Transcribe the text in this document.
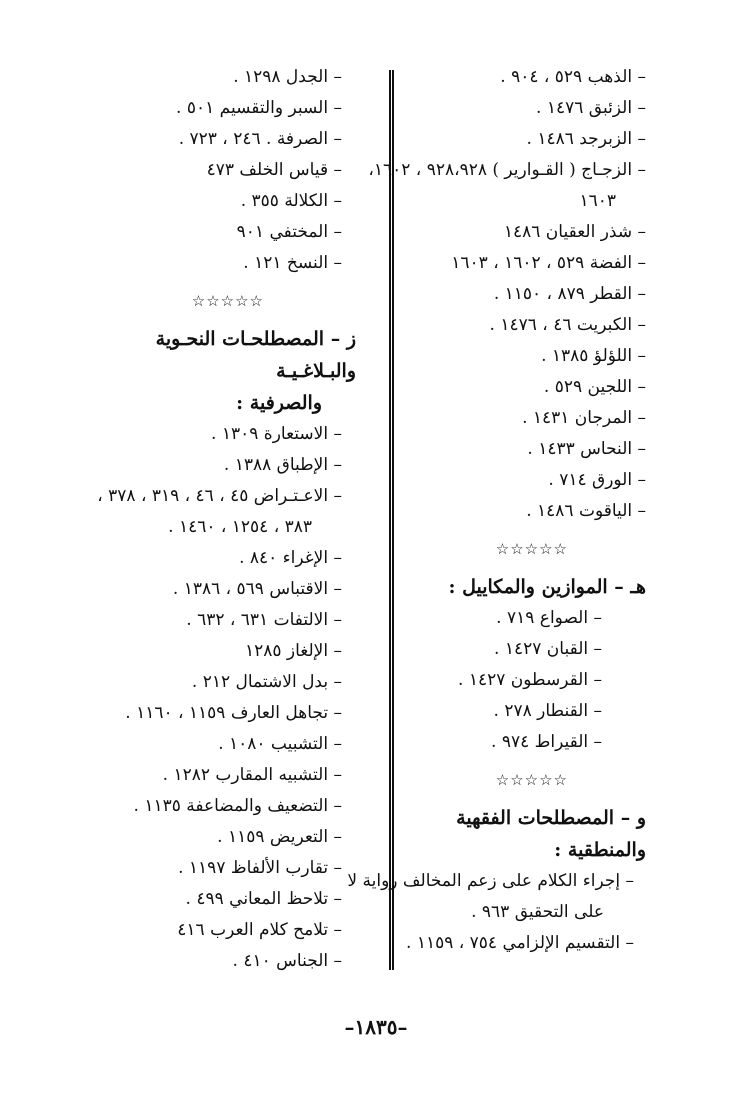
– الذهب ٥٢٩ ، ٩٠٤ .

– الزئبق ١٤٧٦ .

– الزبرجد ١٤٨٦ .

– الزجـاج ( القـوارير ) ٩٢٨،٩٢٨ ، ١٦٠٢،

١٦٠٣

– شذر العقيان ١٤٨٦

– الفضة ٥٢٩ ، ١٦٠٢ ، ١٦٠٣

– القطر ٨٧٩ ، ١١٥٠ .

– الكبريت ٤٦ ، ١٤٧٦ .

– اللؤلؤ ١٣٨٥ .

– اللجين ٥٢٩ .

– المرجان ١٤٣١ .

– النحاس ١٤٣٣ .

– الورق ٧١٤ .

– الياقوت ١٤٨٦ .

☆☆☆☆☆

هـ – الموازين والمكاييل :

– الصواع ٧١٩ .

– القبان ١٤٢٧ .

– القرسطون ١٤٢٧ .

– القنطار ٢٧٨ .

– القيراط ٩٧٤ .

☆☆☆☆☆

و – المصطلحات الفقهية والمنطقية :

– إجراء الكلام على زعم المخالف رواية لا

على التحقيق ٩٦٣ .

– التقسيم الإلزامي ٧٥٤ ، ١١٥٩ .

– الجدل ١٢٩٨ .

– السبر والتقسيم ٥٠١ .

– الصرفة . ٢٤٦ ، ٧٢٣ .

– قياس الخلف ٤٧٣

– الكلالة ٣٥٥ .

– المختفي ٩٠١

– النسخ ١٢١ .

☆☆☆☆☆

ز – المصطلحـات النحـوية والبـلاغـيـة

والصرفية :

– الاستعارة ١٣٠٩ .

– الإطباق ١٣٨٨ .

– الاعـتـراض ٤٥ ، ٤٦ ، ٣١٩ ، ٣٧٨ ،

٣٨٣ ، ١٢٥٤ ، ١٤٦٠ .

– الإغراء ٨٤٠ .

– الاقتباس ٥٦٩ ، ١٣٨٦ .

– الالتفات ٦٣١ ، ٦٣٢ .

– الإلغاز ١٢٨٥

– بدل الاشتمال ٢١٢ .

– تجاهل العارف ١١٥٩ ، ١١٦٠ .

– التشبيب ١٠٨٠ .

– التشبيه المقارب ١٢٨٢ .

– التضعيف والمضاعفة ١١٣٥ .

– التعريض ١١٥٩ .

– تقارب الألفاظ ١١٩٧ .

– تلاحظ المعاني ٤٩٩ .

– تلامح كلام العرب ٤١٦

– الجناس ٤١٠ .

–١٨٣٥–
